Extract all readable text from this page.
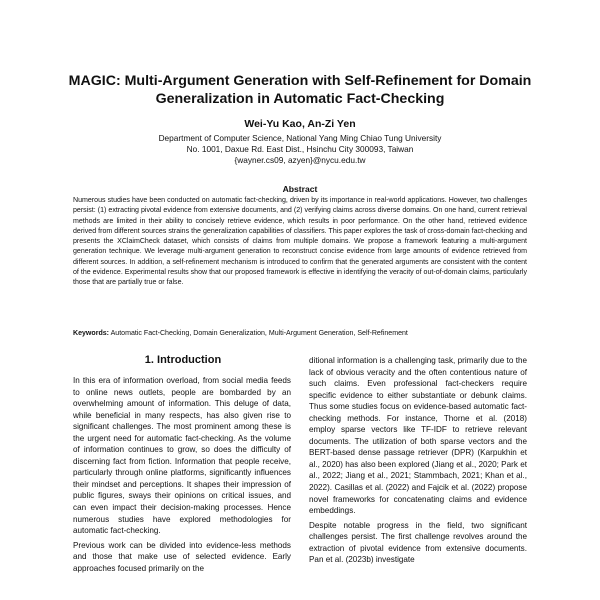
MAGIC: Multi-Argument Generation with Self-Refinement for Domain Generalization in Automatic Fact-Checking
Wei-Yu Kao, An-Zi Yen
Department of Computer Science, National Yang Ming Chiao Tung University
No. 1001, Daxue Rd. East Dist., Hsinchu City 300093, Taiwan
{wayner.cs09, azyen}@nycu.edu.tw
Abstract

Numerous studies have been conducted on automatic fact-checking, driven by its importance in real-world applications. However, two challenges persist: (1) extracting pivotal evidence from extensive documents, and (2) verifying claims across diverse domains. On one hand, current retrieval methods are limited in their ability to concisely retrieve evidence, which results in poor performance. On the other hand, retrieved evidence derived from different sources strains the generalization capabilities of classifiers. This paper explores the task of cross-domain fact-checking and presents the XClaimCheck dataset, which consists of claims from multiple domains. We propose a framework featuring a multi-argument generation technique. We leverage multi-argument generation to reconstruct concise evidence from large amounts of evidence retrieved from different sources. In addition, a self-refinement mechanism is introduced to confirm that the generated arguments are consistent with the content of the evidence. Experimental results show that our proposed framework is effective in identifying the veracity of out-of-domain claims, particularly those that are partially true or false.

Keywords: Automatic Fact-Checking, Domain Generalization, Multi-Argument Generation, Self-Refinement

1. Introduction

In this era of information overload, from social media feeds to online news outlets, people are bombarded by an overwhelming amount of information. This deluge of data, while beneficial in many respects, has also given rise to significant challenges. The most prominent among these is the urgent need for automatic fact-checking. As the volume of information continues to grow, so does the difficulty of discerning fact from fiction. Information that people receive, particularly through online platforms, significantly influences their mindset and perceptions. It shapes their impression of public figures, sways their opinions on critical issues, and can even impact their decision-making processes. Hence numerous studies have explored methodologies for automatic fact-checking.

Previous work can be divided into evidence-less methods and those that make use of selected evidence. Early approaches focused primarily on the

ditional information is a challenging task, primarily due to the lack of obvious veracity and the often contentious nature of such claims. Even professional fact-checkers require specific evidence to either substantiate or debunk claims. Thus some studies focus on evidence-based automatic fact-checking methods. For instance, Thorne et al. (2018) employ sparse vectors like TF-IDF to retrieve relevant documents. The utilization of both sparse vectors and the BERT-based dense passage retriever (DPR) (Karpukhin et al., 2020) has also been explored (Jiang et al., 2020; Park et al., 2022; Jiang et al., 2021; Stammbach, 2021; Khan et al., 2022). Casillas et al. (2022) and Fajcik et al. (2022) propose novel frameworks for concatenating claims and evidence embeddings.

Despite notable progress in the field, two significant challenges persist. The first challenge revolves around the extraction of pivotal evidence from extensive documents. Pan et al. (2023b) investigate
